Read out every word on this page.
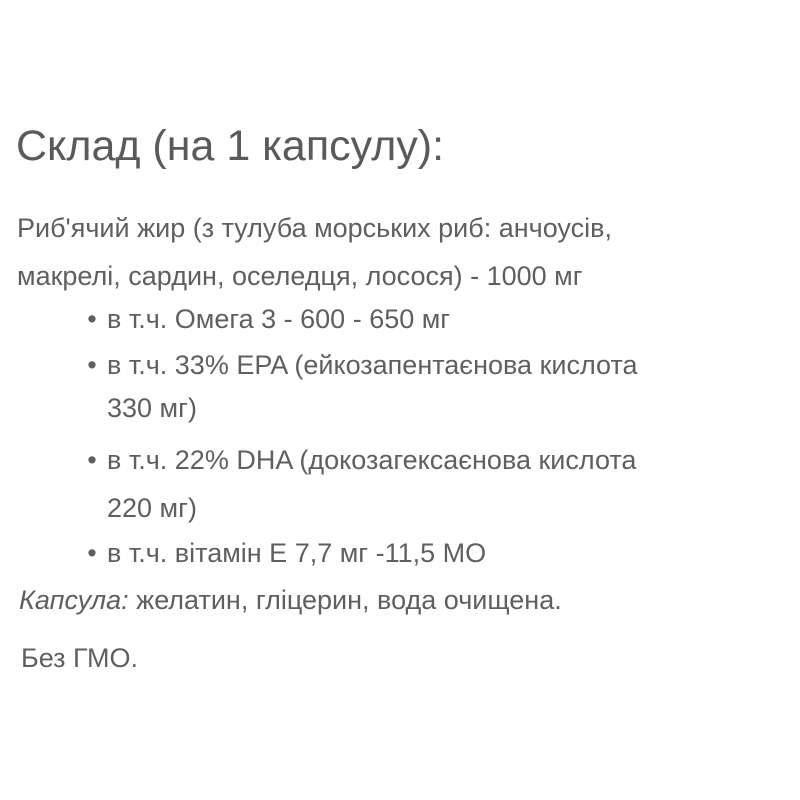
Склад (на 1 капсулу):
Риб'ячий жир (з тулуба морських риб: анчоусів,
макрелі, сардин, оселедця, лосося) - 1000 мг
• в т.ч. Омега 3 - 600 - 650 мг
• в т.ч. 33% EPA (ейкозапентаєнова кислота
330 мг)
• в т.ч. 22% DHA (докозагексаєнова кислота
220 мг)
• в т.ч. вітамін Е 7,7 мг -11,5 МО
Капсула: желатин, гліцерин, вода очищена.
Без ГМО.
